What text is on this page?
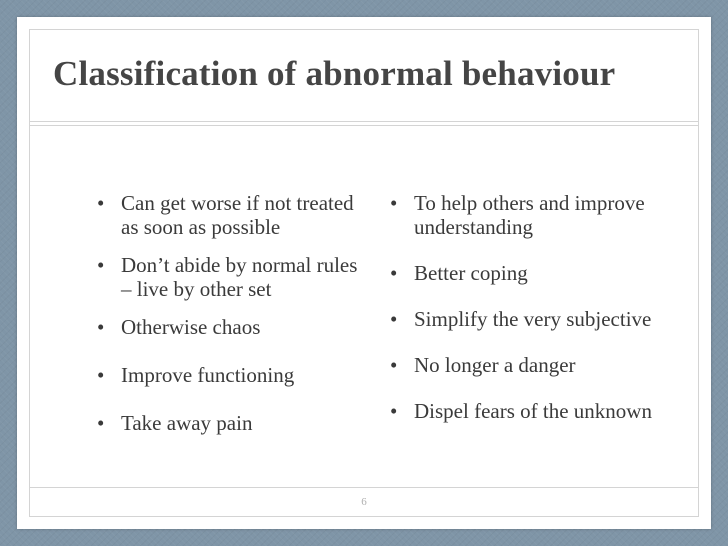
Classification of abnormal behaviour
• Can get worse if not treated as soon as possible
• Don’t abide by normal rules – live by other set
• Otherwise chaos
• Improve functioning
• Take away pain
• To help others and improve understanding
• Better coping
• Simplify the very subjective
• No longer a danger
• Dispel fears of the unknown
6
